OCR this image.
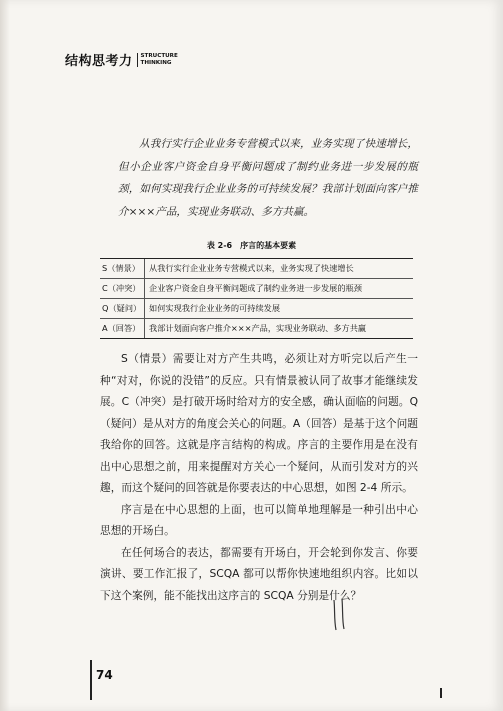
结构思考力 STRUCTURE
THINKING

从我行实行企业业务专营模式以来，业务实现了快速增长，但小企业客户资金自身平衡问题成了制约业务进一步发展的瓶颈，如何实现我行企业业务的可持续发展？我部计划面向客户推介×××产品，实现业务联动、多方共赢。

表 2-6　序言的基本要素
S（情景）	从我行实行企业业务专营模式以来，业务实现了快速增长
C（冲突）	企业客户资金自身平衡问题成了制约业务进一步发展的瓶颈
Q（疑问） 如何实现我行企业业务的可持续发展
A（回答）	我部计划面向客户推介×××产品，实现业务联动、多方共赢

S（情景）需要让对方产生共鸣，必须让对方听完以后产生一种“对对，你说的没错”的反应。只有情景被认同了故事才能继续发展。C（冲突）是打破开场时给对方的安全感，确认面临的问题。Q（疑问）是从对方的角度会关心的问题。A（回答）是基于这个问题我给你的回答。这就是序言结构的构成。序言的主要作用是在没有出中心思想之前，用来提醒对方关心一个疑问，从而引发对方的兴趣，而这个疑问的回答就是你要表达的中心思想，如图 2-4 所示。

序言是在中心思想的上面，也可以简单地理解是一种引出中心思想的开场白。

在任何场合的表达，都需要有开场白，开会轮到你发言、你要演讲、要工作汇报了，SCQA 都可以帮你快速地组织内容。比如以下这个案例，能不能找出这序言的 SCQA 分别是什么？

74
